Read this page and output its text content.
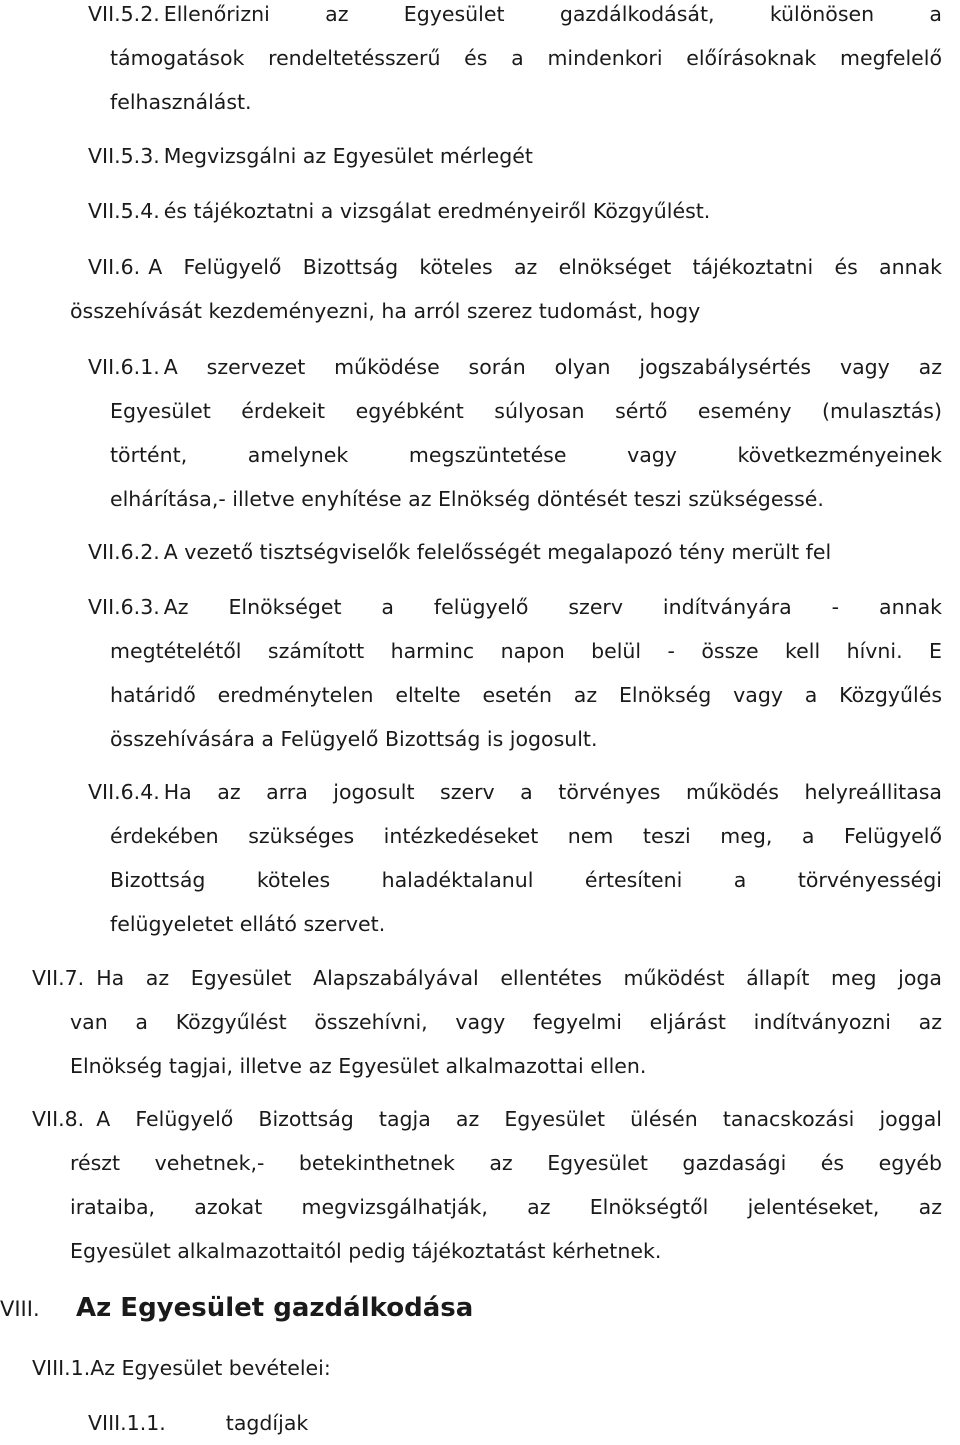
VII.5.2. Ellenőrizni az Egyesület gazdálkodását, különösen a
támogatások rendeltetésszerű és a mindenkori előírásoknak megfelelő
felhasználást.
VII.5.3. Megvizsgálni az Egyesület mérlegét
VII.5.4. és tájékoztatni a vizsgálat eredményeiről Közgyűlést.
VII.6. A Felügyelő Bizottság köteles az elnökséget tájékoztatni és annak
összehívását kezdeményezni, ha arról szerez tudomást, hogy
VII.6.1. A szervezet működése során olyan jogszabálysértés vagy az
Egyesület érdekeit egyébként súlyosan sértő esemény (mulasztás)
történt, amelynek megszüntetése vagy következményeinek
elhárítása,- illetve enyhítése az Elnökség döntését teszi szükségessé.
VII.6.2. A vezető tisztségviselők felelősségét megalapozó tény merült fel
VII.6.3. Az Elnökséget a felügyelő szerv indítványára - annak
megtételétől számított harminc napon belül - össze kell hívni. E
határidő eredménytelen eltelte esetén az Elnökség vagy a Közgyűlés
összehívására a Felügyelő Bizottság is jogosult.
VII.6.4. Ha az arra jogosult szerv a törvényes működés helyreállitasa
érdekében szükséges intézkedéseket nem teszi meg, a Felügyelő
Bizottság köteles haladéktalanul értesíteni a törvényességi
felügyeletet ellátó szervet.
VII.7. Ha az Egyesület Alapszabályával ellentétes működést állapít meg joga
van a Közgyűlést összehívni, vagy fegyelmi eljárást indítványozni az
Elnökség tagjai, illetve az Egyesület alkalmazottai ellen.
VII.8. A Felügyelő Bizottság tagja az Egyesület ülésén tanacskozási joggal
részt vehetnek,- betekinthetnek az Egyesület gazdasági és egyéb
irataiba, azokat megvizsgálhatják, az Elnökségtől jelentéseket, az
Egyesület alkalmazottaitól pedig tájékoztatást kérhetnek.
VIII. Az Egyesület gazdálkodása
VIII.1.Az Egyesület bevételei:
VIII.1.1.	tagdíjak
